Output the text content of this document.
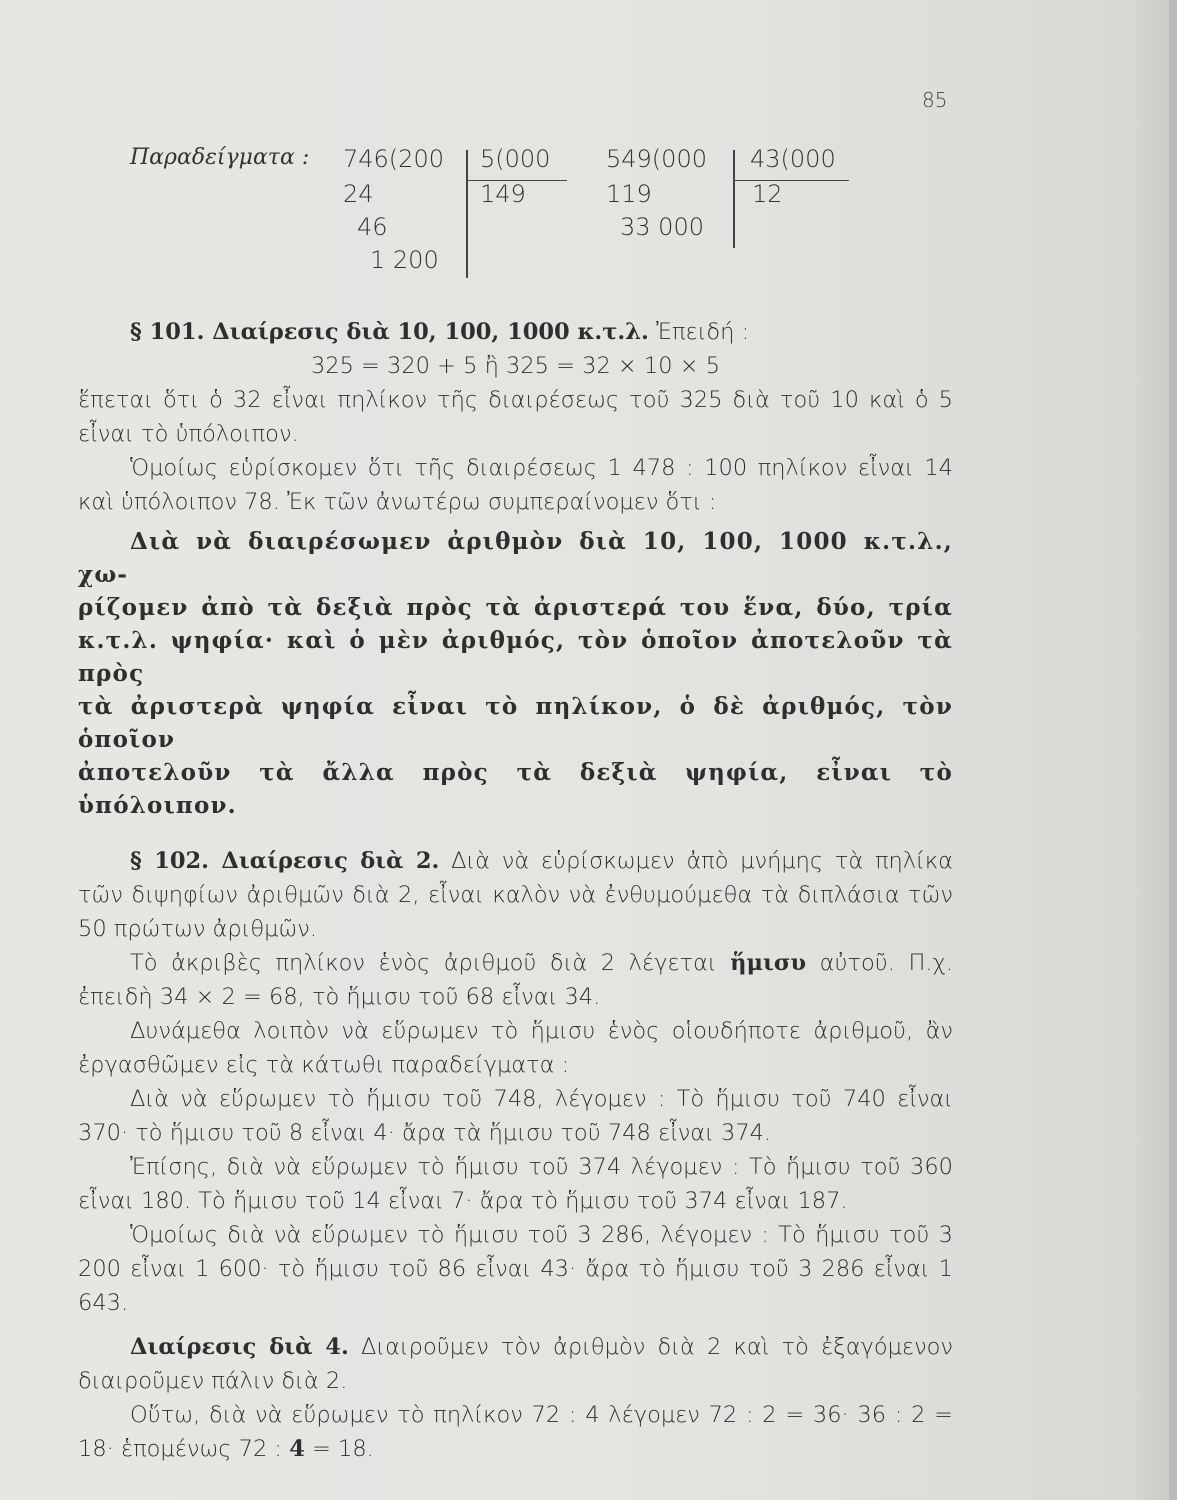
85
Παραδείγματα : 746(200
24
46
1 200
5(000
149
549(000
119
33 000
43(000
12

§ 101. Διαίρεσις διὰ 10, 100, 1000 κ.τ.λ. Ἐπειδή :

325 = 320 + 5 ἢ 325 = 32 × 10 × 5

ἕπεται ὅτι ὁ 32 εἶναι πηλίκον τῆς διαιρέσεως τοῦ 325 διὰ τοῦ 10 καὶ ὁ 5 εἶναι τὸ ὑπόλοιπον.

Ὁμοίως εὑρίσκομεν ὅτι τῆς διαιρέσεως 1 478 : 100 πηλίκον εἶναι 14 καὶ ὑπόλοιπον 78. Ἐκ τῶν ἀνωτέρω συμπεραίνομεν ὅτι :

Διὰ νὰ διαιρέσωμεν ἀριθμὸν διὰ 10, 100, 1000 κ.τ.λ., χω-

ρίζομεν ἀπὸ τὰ δεξιὰ πρὸς τὰ ἀριστερά του ἕνα, δύο, τρία

κ.τ.λ. ψηφία· καὶ ὁ μὲν ἀριθμός, τὸν ὁποῖον ἀποτελοῦν τὰ πρὸς

τὰ ἀριστερὰ ψηφία εἶναι τὸ πηλίκον, ὁ δὲ ἀριθμός, τὸν ὁποῖον

ἀποτελοῦν τὰ ἄλλα πρὸς τὰ δεξιὰ ψηφία, εἶναι τὸ ὑπόλοιπον.

§ 102. Διαίρεσις διὰ 2. Διὰ νὰ εὑρίσκωμεν ἀπὸ μνήμης τὰ πηλίκα τῶν διψηφίων ἀριθμῶν διὰ 2, εἶναι καλὸν νὰ ἐνθυμούμεθα τὰ διπλάσια τῶν 50 πρώτων ἀριθμῶν.

Τὸ ἀκριβὲς πηλίκον ἑνὸς ἀριθμοῦ διὰ 2 λέγεται ἥμισυ αὐτοῦ. Π.χ. ἐπειδὴ 34 × 2 = 68, τὸ ἥμισυ τοῦ 68 εἶναι 34.

Δυνάμεθα λοιπὸν νὰ εὕρωμεν τὸ ἥμισυ ἑνὸς οἱουδήποτε ἀριθμοῦ, ἂν ἐργασθῶμεν εἰς τὰ κάτωθι παραδείγματα :

Διὰ νὰ εὕρωμεν τὸ ἥμισυ τοῦ 748, λέγομεν : Τὸ ἥμισυ τοῦ 740 εἶναι 370· τὸ ἥμισυ τοῦ 8 εἶναι 4· ἄρα τὰ ἥμισυ τοῦ 748 εἶναι 374.

Ἐπίσης, διὰ νὰ εὕρωμεν τὸ ἥμισυ τοῦ 374 λέγομεν : Τὸ ἥμισυ τοῦ 360 εἶναι 180. Τὸ ἥμισυ τοῦ 14 εἶναι 7· ἄρα τὸ ἥμισυ τοῦ 374 εἶναι 187.

Ὁμοίως διὰ νὰ εὕρωμεν τὸ ἥμισυ τοῦ 3 286, λέγομεν : Τὸ ἥμισυ τοῦ 3 200 εἶναι 1 600· τὸ ἥμισυ τοῦ 86 εἶναι 43· ἄρα τὸ ἥμισυ τοῦ 3 286 εἶναι 1 643.

Διαίρεσις διὰ 4. Διαιροῦμεν τὸν ἀριθμὸν διὰ 2 καὶ τὸ ἐξαγόμενον διαιροῦμεν πάλιν διὰ 2.

Οὕτω, διὰ νὰ εὕρωμεν τὸ πηλίκον 72 : 4 λέγομεν 72 : 2 = 36· 36 : 2 = 18· ἑπομένως 72 : 4 = 18.
